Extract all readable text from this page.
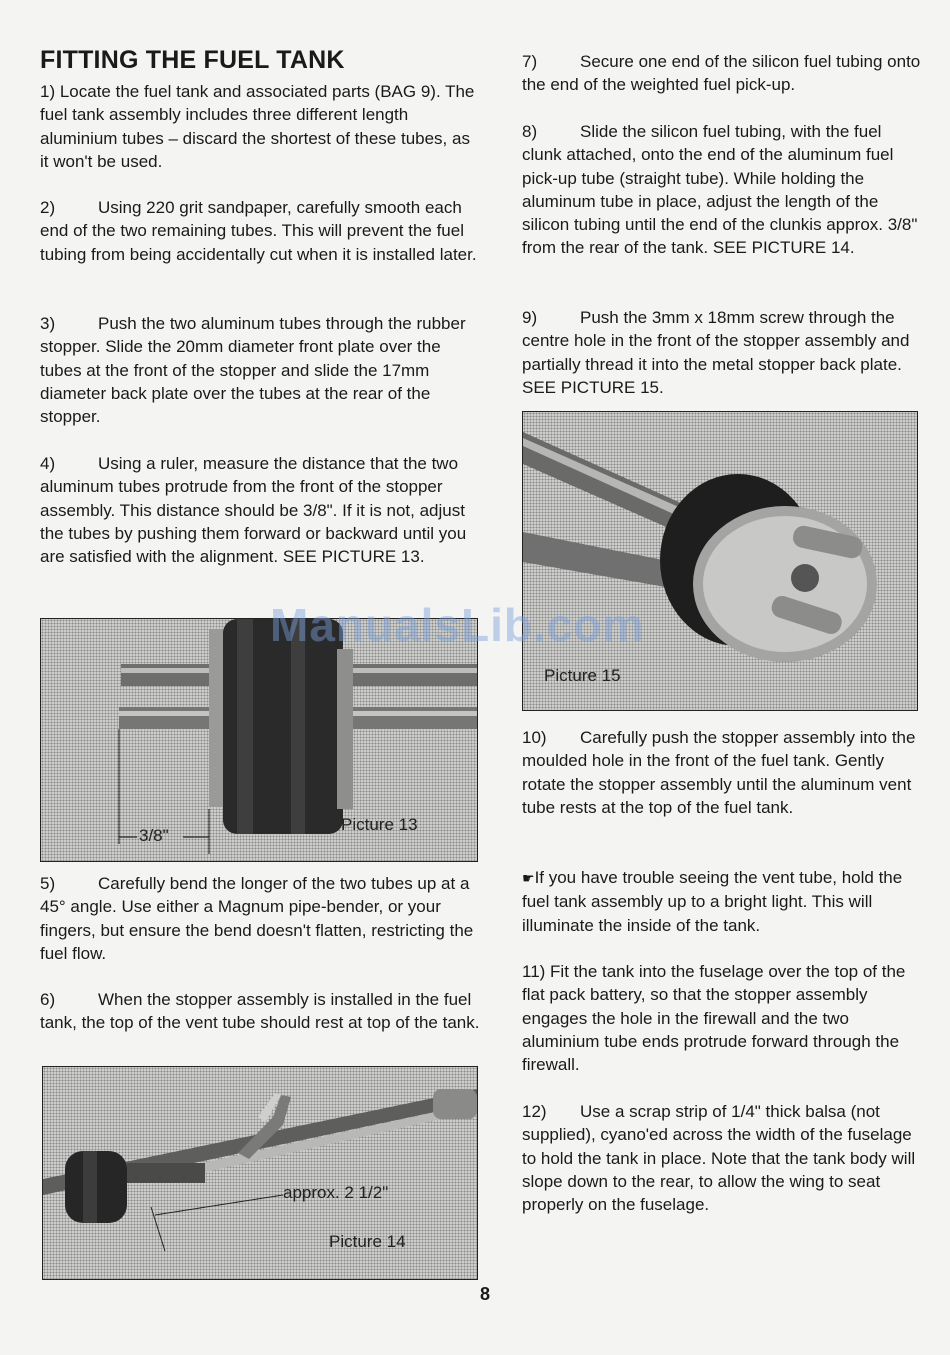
FITTING THE FUEL TANK

1) Locate the fuel tank and associated parts (BAG 9). The fuel tank assembly includes three different length aluminium tubes – discard the shortest of these tubes, as it won't be used.

2)	Using 220 grit sandpaper, carefully smooth each end of the two remaining tubes. This will prevent the fuel tubing from being accidentally cut when it is installed later.

3)	Push the two aluminum tubes through the rubber stopper. Slide the 20mm diameter front plate over the tubes at the front of the stopper and slide the 17mm diameter back plate over the tubes at the rear of the stopper.

4)	Using a ruler, measure the distance that the two aluminum tubes protrude from the front of the stopper assembly. This distance should be 3/8". If it is not, adjust the tubes by pushing them forward or backward until you are satisfied with the alignment. SEE PICTURE 13.

3/8"
Picture 13

5)	Carefully bend the longer of the two tubes up at a 45° angle. Use either a Magnum pipe-bender, or your fingers, but ensure the bend doesn't flatten, restricting the fuel flow.

6)	When the stopper assembly is installed in the fuel tank, the top of the vent tube should rest at top of the tank.

approx. 2 1/2"
Picture 14

7)	Secure one end of the silicon fuel tubing onto the end of the weighted fuel pick-up.

8)	Slide the silicon fuel tubing, with the fuel clunk attached, onto the end of the aluminum fuel pick-up tube (straight tube). While holding the aluminum tube in place, adjust the length of the silicon tubing until the end of the clunkis approx. 3/8" from the rear of the tank. SEE PICTURE 14.

9)	Push the 3mm x 18mm screw through the centre hole in the front of the stopper assembly and partially thread it into the metal stopper back plate. SEE PICTURE 15.

Picture 15

10) Carefully push the stopper assembly into the moulded hole in the front of the fuel tank. Gently rotate the stopper assembly until the aluminum vent tube rests at the top of the fuel tank.

☛If you have trouble seeing the vent tube, hold the fuel tank assembly up to a bright light. This will illuminate the inside of the tank.

11) Fit the tank into the fuselage over the top of the flat pack battery, so that the stopper assembly engages the hole in the firewall and the two aluminium tube ends protrude forward through the firewall.

12) Use a scrap strip of 1/4" thick balsa (not supplied), cyano'ed across the width of the fuselage to hold the tank in place. Note that the tank body will slope down to the rear, to allow the wing to seat properly on the fuselage.

8
ManualsLib.com
